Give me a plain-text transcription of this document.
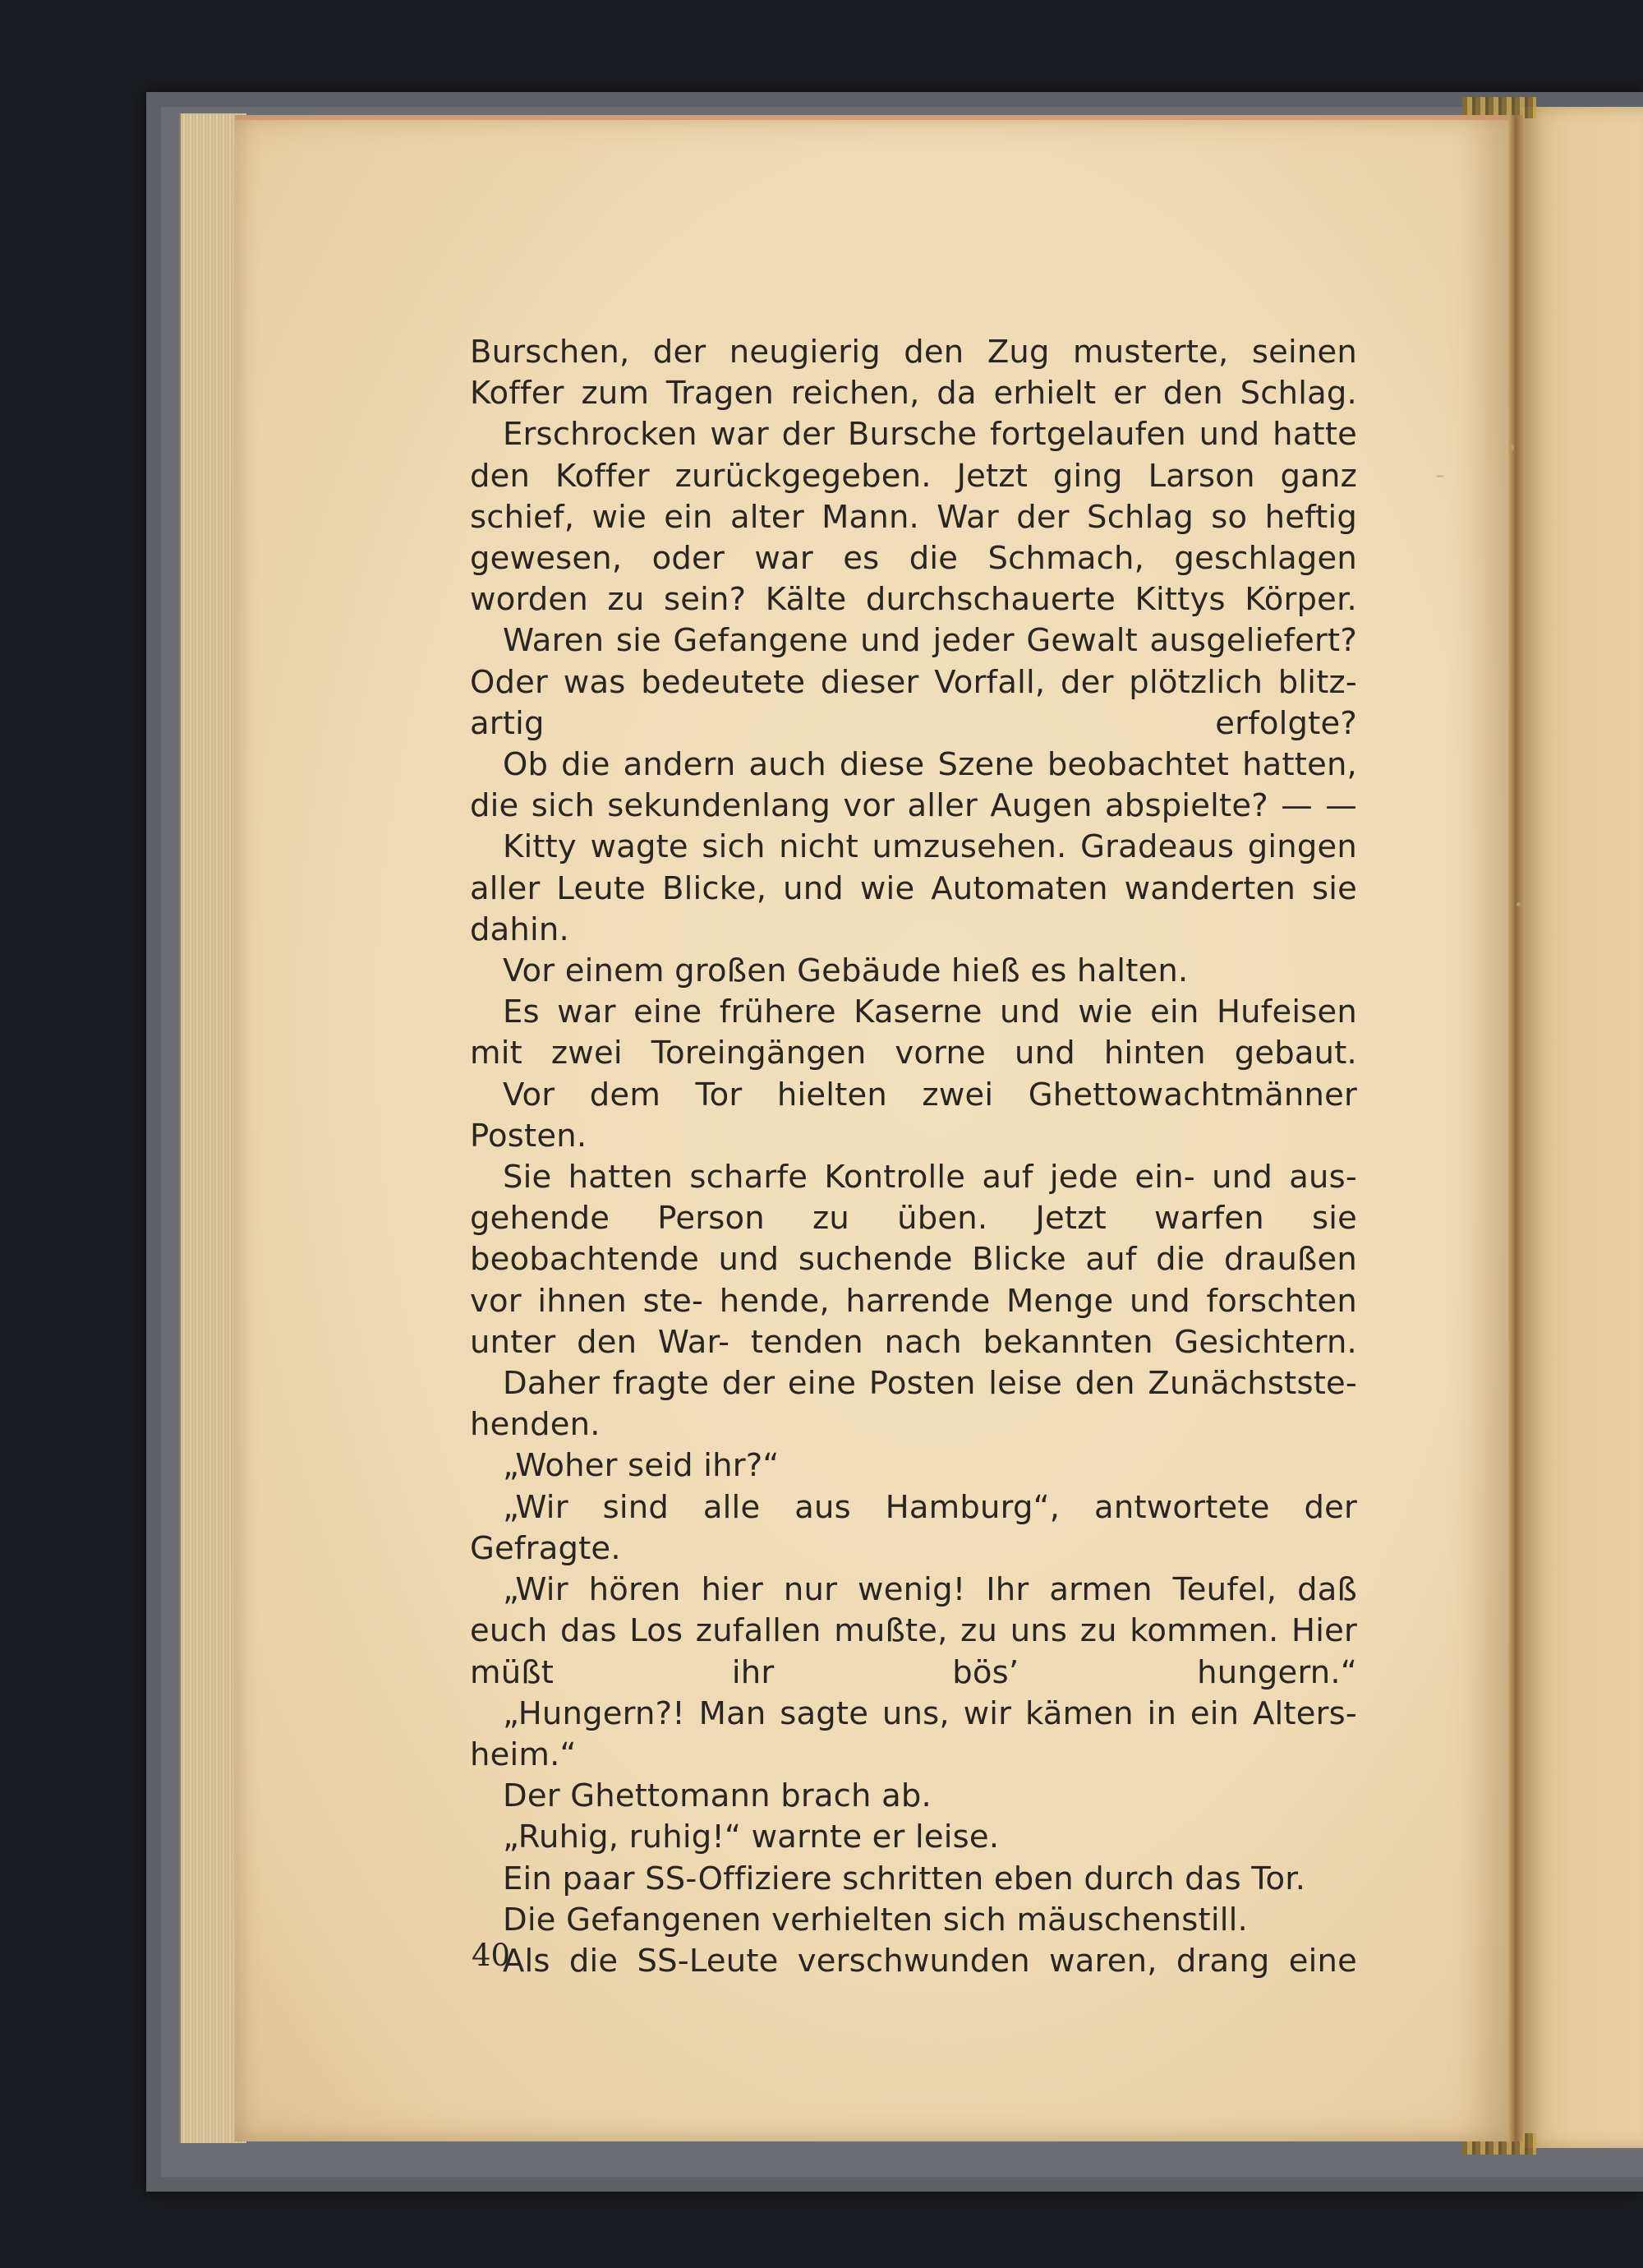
Burschen, der neugierig den Zug musterte, seinen Koffer zum Tragen reichen, da erhielt er den Schlag.

Erschrocken war der Bursche fortgelaufen und hatte den Koffer zurückgegeben. Jetzt ging Larson ganz schief, wie ein alter Mann. War der Schlag so heftig gewesen, oder war es die Schmach, geschlagen worden zu sein? Kälte durchschauerte Kittys Körper.

Waren sie Gefangene und jeder Gewalt ausgeliefert? Oder was bedeutete dieser Vorfall, der plötzlich blitz- artig erfolgte?

Ob die andern auch diese Szene beobachtet hatten, die sich sekundenlang vor aller Augen abspielte? — —

Kitty wagte sich nicht umzusehen. Gradeaus gingen aller Leute Blicke, und wie Automaten wanderten sie dahin.

Vor einem großen Gebäude hieß es halten.

Es war eine frühere Kaserne und wie ein Hufeisen mit zwei Toreingängen vorne und hinten gebaut.

Vor dem Tor hielten zwei Ghettowachtmänner Posten.

Sie hatten scharfe Kontrolle auf jede ein- und aus- gehende Person zu üben. Jetzt warfen sie beobachtende und suchende Blicke auf die draußen vor ihnen ste- hende, harrende Menge und forschten unter den War- tenden nach bekannten Gesichtern.

Daher fragte der eine Posten leise den Zunächstste- henden.

„Woher seid ihr?“

„Wir sind alle aus Hamburg“, antwortete der Gefragte.

„Wir hören hier nur wenig! Ihr armen Teufel, daß euch das Los zufallen mußte, zu uns zu kommen. Hier müßt ihr bös’ hungern.“

„Hungern?! Man sagte uns, wir kämen in ein Alters- heim.“

Der Ghettomann brach ab.

„Ruhig, ruhig!“ warnte er leise.

Ein paar SS-Offiziere schritten eben durch das Tor.

Die Gefangenen verhielten sich mäuschenstill.

Als die SS-Leute verschwunden waren, drang eine

40
